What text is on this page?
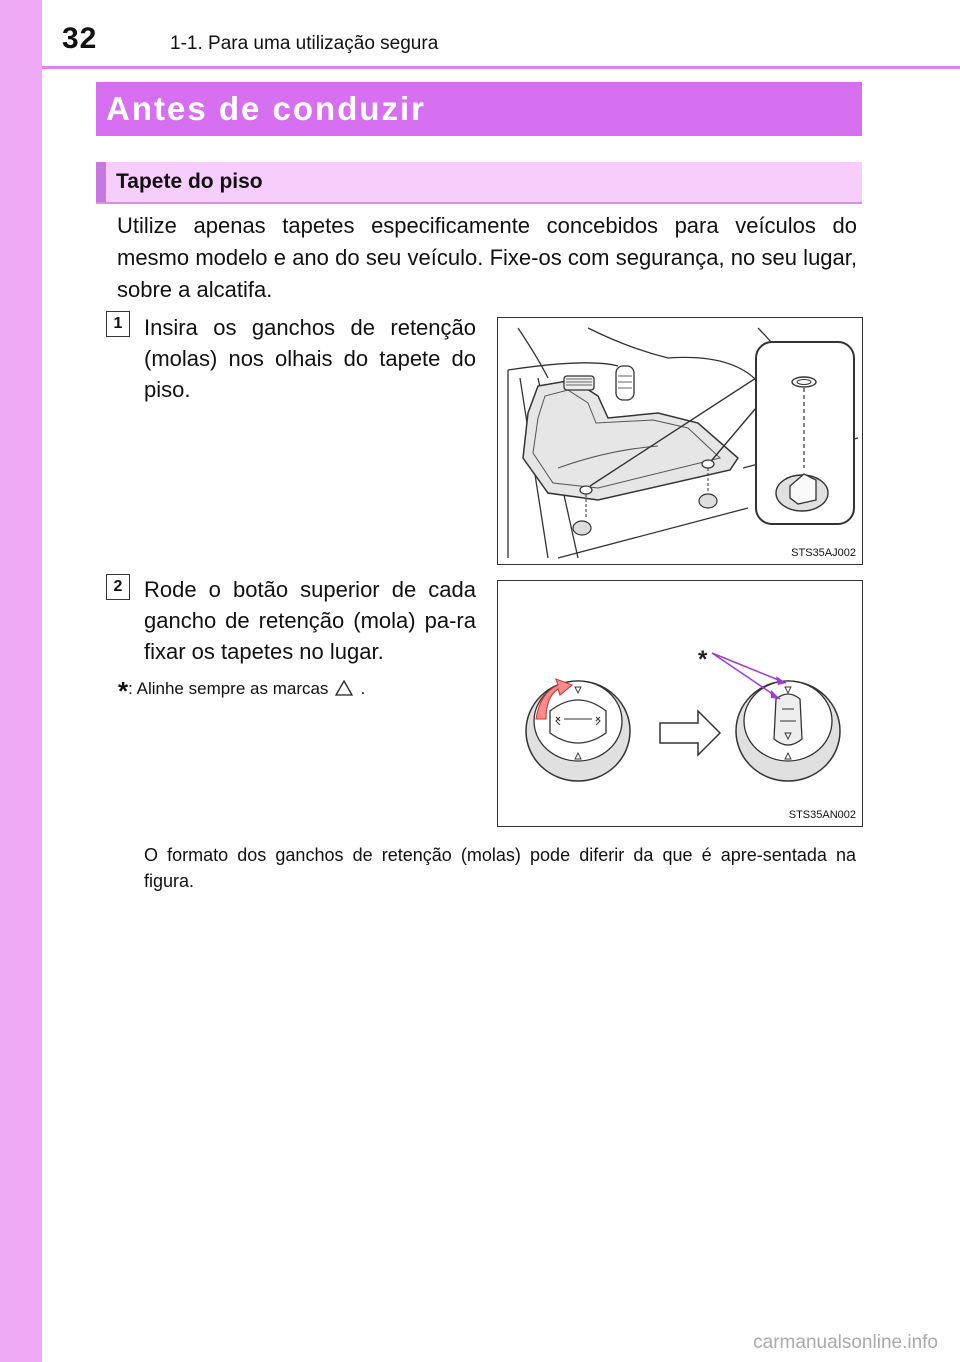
32	1-1. Para uma utilização segura
Antes de conduzir
Tapete do piso
Utilize apenas tapetes especificamente concebidos para veículos do mesmo modelo e ano do seu veículo. Fixe-os com segurança, no seu lugar, sobre a alcatifa.
1 Insira os ganchos de retenção (molas) nos olhais do tapete do piso.
STS35AJ002
2 Rode o botão superior de cada gancho de retenção (mola) pa-ra fixar os tapetes no lugar.
*: Alinhe sempre as marcas .
*
STS35AN002
O formato dos ganchos de retenção (molas) pode diferir da que é apre-sentada na figura.
carmanualsonline.info
